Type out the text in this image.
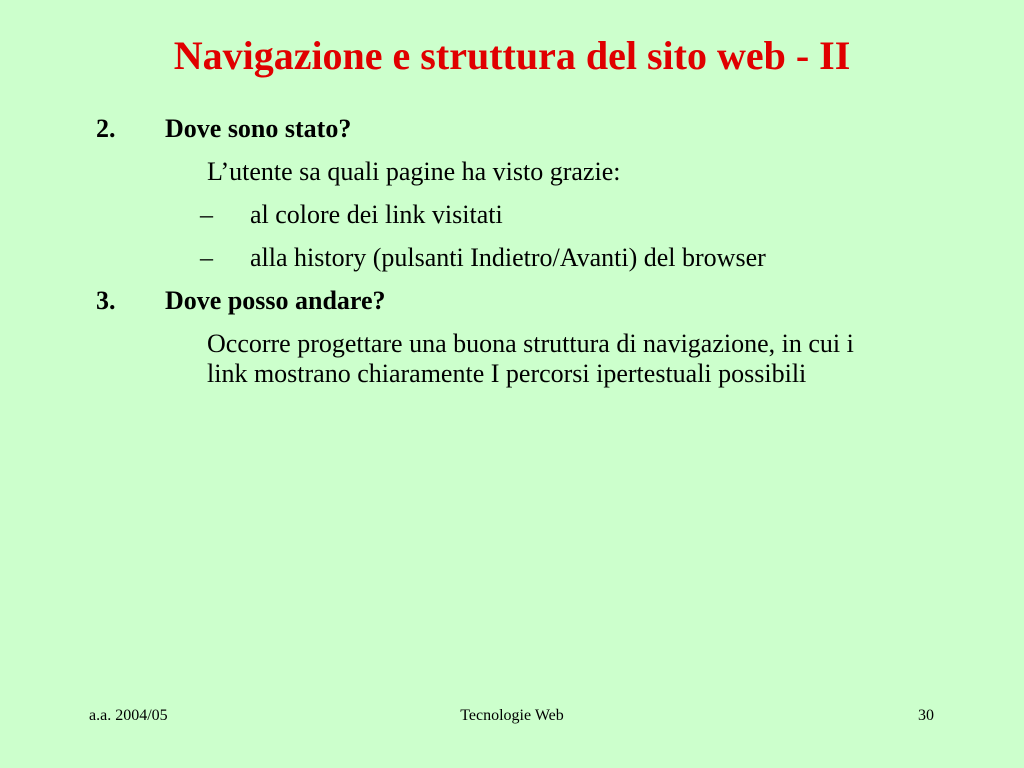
Navigazione e struttura del sito web - II
2. Dove sono stato?
L’utente sa quali pagine ha visto grazie:
– al colore dei link visitati
– alla history (pulsanti Indietro/Avanti) del browser
3. Dove posso andare?
Occorre progettare una buona struttura di navigazione, in cui i link mostrano chiaramente I percorsi ipertestuali possibili
a.a. 2004/05	Tecnologie Web	30
